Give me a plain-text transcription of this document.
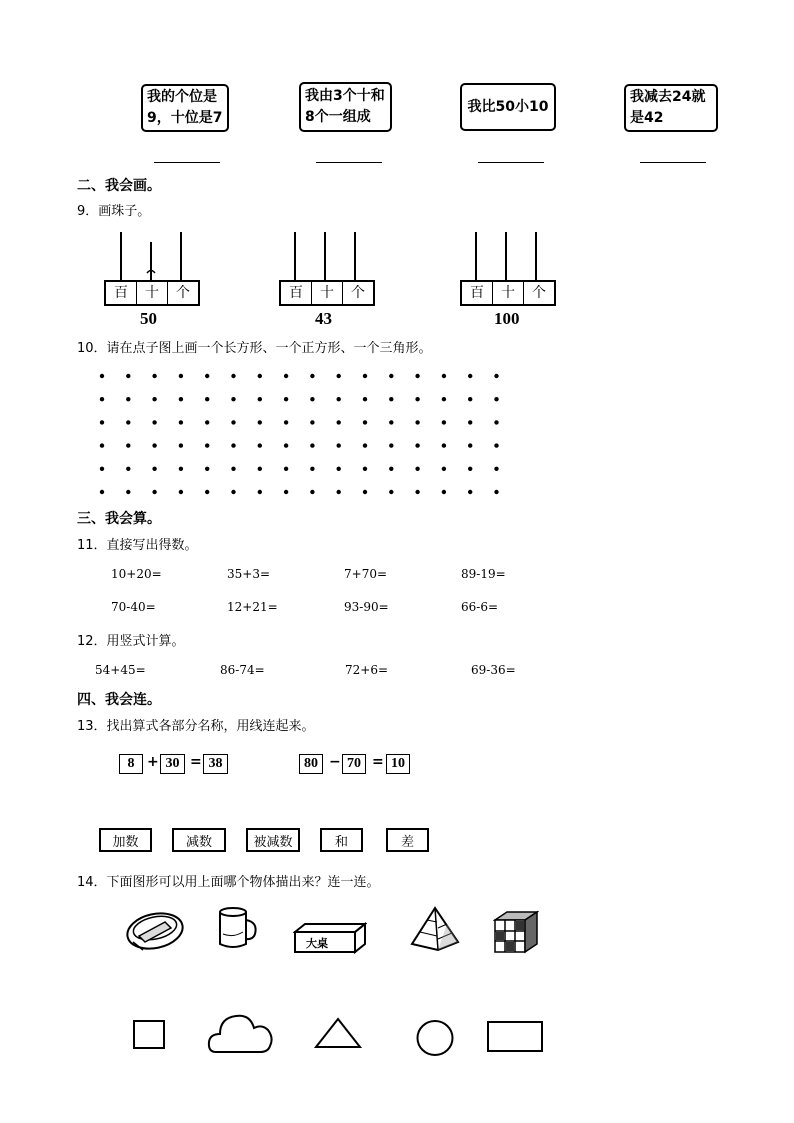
我的个位是
9，十位是7
我由3个十和
8个一组成
我比50小10
我减去24就
是42
二、我会画。
9．画珠子。
百	十	个
50
百	十	个
43
百	十	个
100
10．请在点子图上画一个长方形、一个正方形、一个三角形。
三、我会算。
11．直接写出得数。
10+20=	35+3=	7+70=	89-19=
70-40=	12+21=	93-90=	66-6=
12．用竖式计算。
54+45=	86-74=	72+6=	69-36=
四、我会连。
13．找出算式各部分名称，用线连起来。
8 + 30 = 38	80 − 70 = 10
加数	减数	被减数	和	差
14．下面图形可以用上面哪个物体描出来？连一连。
大桌
